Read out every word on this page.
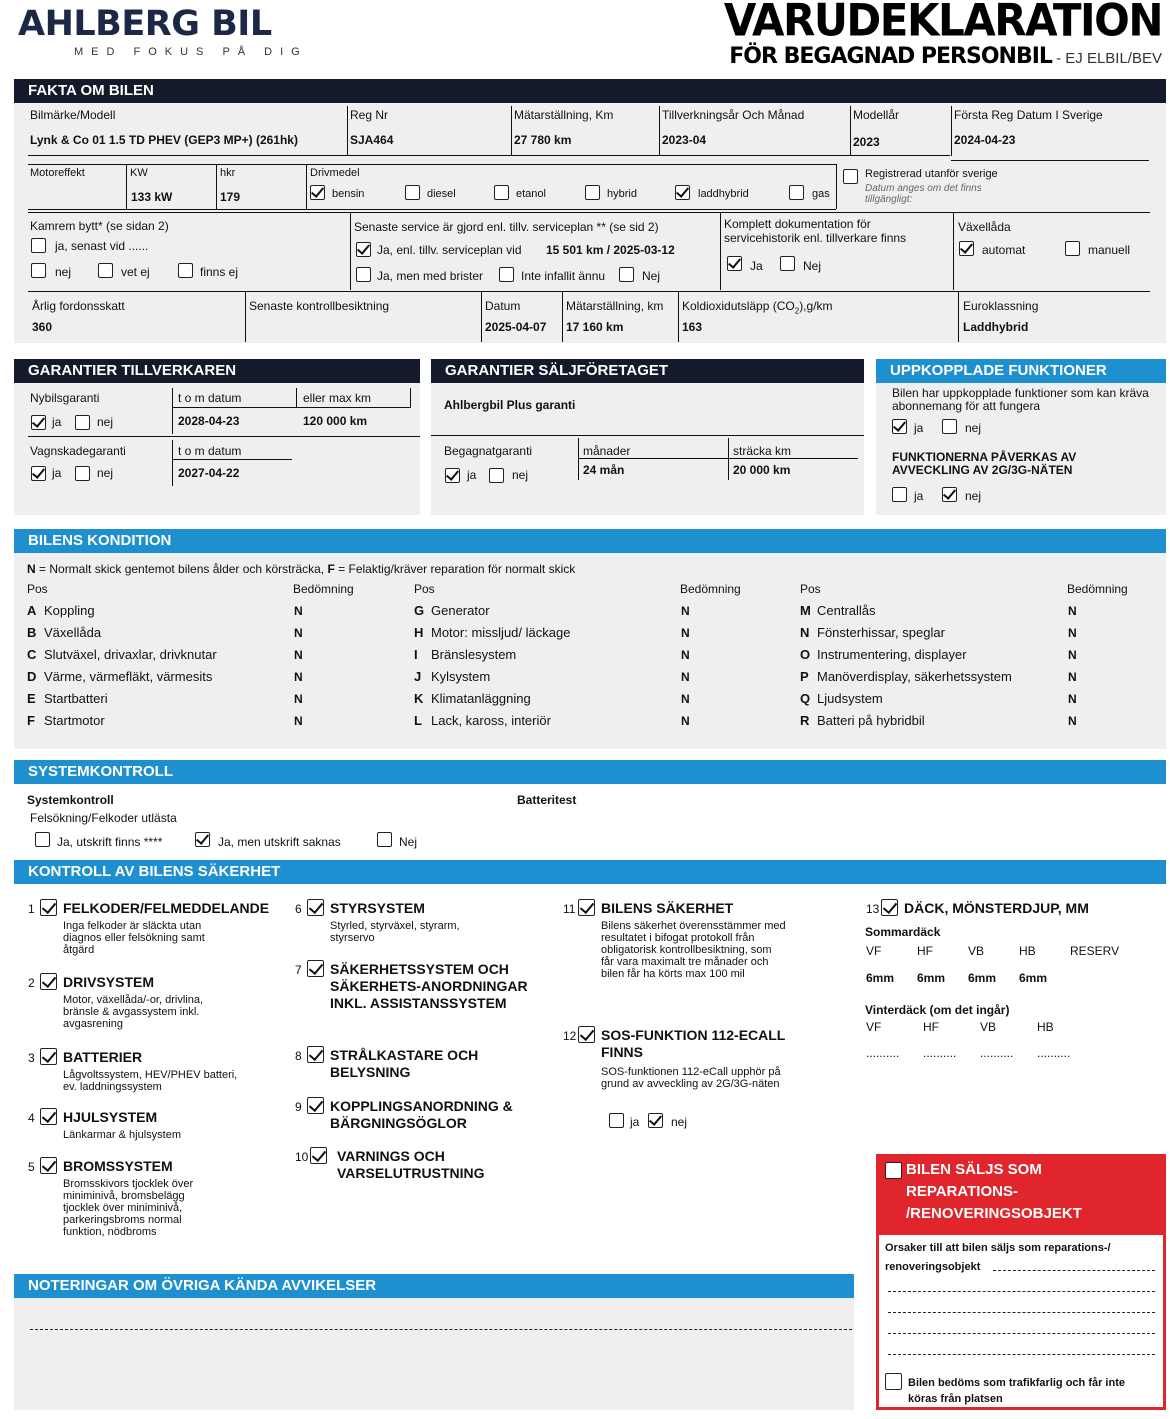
AHLBERG BIL
MED FOKUS PÅ DIG
VARUDEKLARATION
FÖR BEGAGNAD PERSONBIL - EJ ELBIL/BEV
FAKTA OM BILEN
Bilmärke/Modell
Lynk & Co 01 1.5 TD PHEV (GEP3 MP+) (261hk)
Reg Nr
SJA464
Mätarställning, Km
27 780 km
Tillverkningsår Och Månad
2023-04
Modellår
2023
Första Reg Datum I Sverige
2024-04-23
Motoreffekt	KW
133 kW
hkr
179
Drivmedel
bensin	diesel	etanol	hybrid	laddhybrid	gas
Registrerad utanför sverige
Datum anges om det finns tillgängligt:
Kamrem bytt* (se sidan 2)
ja, senast vid ......
nej	vet ej	finns ej
Senaste service är gjord enl. tillv. serviceplan ** (se sid 2)
Ja, enl. tillv. serviceplan vid 15 501 km / 2025-03-12
Ja, men med brister	Inte infallit ännu	Nej
Komplett dokumentation för servicehistorik enl. tillverkare finns
Ja	Nej
Växellåda
automat	manuell
Årlig fordonsskatt
360
Senaste kontrollbesiktning	Datum
2025-04-07
Mätarställning, km
17 160 km
Koldioxidutsläpp $(CO_2),g/km$
163
Euroklassning
Laddhybrid
GARANTIER TILLVERKAREN
Nybilsgaranti
ja	nej
t o m datum
2028-04-23
eller max km
120 000 km
Vagnskadegaranti
ja	nej
t o m datum
2027-04-22
GARANTIER SÄLJFÖRETAGET
Ahlbergbil Plus garanti
Begagnatgaranti
ja	nej
månader
24 mån
sträcka km
20 000 km
UPPKOPPLADE FUNKTIONER
Bilen har uppkopplade funktioner som kan kräva abonnemang för att fungera
ja	nej
FUNKTIONERNA PÅVERKAS AV AVVECKLING AV 2G/3G-NÄTEN
ja	nej
BILENS KONDITION
N = Normalt skick gentemot bilens ålder och körsträcka, F = Felaktig/kräver reparation för normalt skick
Pos	Bedömning	Pos	Bedömning	Pos	Bedömning
A Koppling	N
B Växellåda	N
C Slutväxel, drivaxlar, drivknutar	N
D Värme, värmefläkt, värmesits	N
E Startbatteri	N
F Startmotor	N
G Generator	N
H Motor: missljud/ läckage	N
I Bränslesystem	N
J Kylsystem	N
K Klimatanläggning	N
L Lack, kaross, interiör	N
M Centrallås	N
N Fönsterhissar, speglar	N
O Instrumentering, displayer	N
P Manöverdisplay, säkerhetssystem	N
Q Ljudsystem	N
R Batteri på hybridbil	N
SYSTEMKONTROLL
Systemkontroll
Felsökning/Felkoder utlästa
Batteritest
Ja, utskrift finns ****	Ja, men utskrift saknas	Nej
KONTROLL AV BILENS SÄKERHET
1 FELKODER/FELMEDDELANDE
Inga felkoder är släckta utan diagnos eller felsökning samt åtgärd
2 DRIVSYSTEM
Motor, växellåda/-or, drivlina, bränsle & avgassystem inkl. avgasrening
3 BATTERIER
Lågvoltssystem, HEV/PHEV batteri, ev. laddningssystem
4 HJULSYSTEM
Länkarmar & hjulsystem
5 BROMSSYSTEM
Bromsskivors tjocklek över miniminivå, bromsbelägg tjocklek över miniminivå, parkeringsbroms normal funktion, nödbroms
6 STYRSYSTEM
Styrled, styrväxel, styrarm, styrservo
7 SÄKERHETSSYSTEM OCH SÄKERHETS-ANORDNINGAR INKL. ASSISTANSSYSTEM
8 STRÅLKASTARE OCH BELYSNING
9 KOPPLINGSANORDNING & BÄRGNINGSÖGLOR
10	VARNINGS OCH VARSELUTRUSTNING
11	BILENS SÄKERHET
Bilens säkerhet överensstämmer med resultatet i bifogat protokoll från obligatorisk kontrollbesiktning, som får vara maximalt tre månader och bilen får ha körts max 100 mil
12	SOS-FUNKTION 112-ECALL FINNS
SOS-funktionen 112-eCall upphör på grund av avveckling av 2G/3G-näten
13	DÄCK, MÖNSTERDJUP, MM
ja	nej
Sommardäck
VF	HF	VB	HB	RESERV
6mm 6mm 6mm 6mm
Vinterdäck (om det ingår)
VF	HF	VB	HB
.......... .......... .......... ..........
BILEN SÄLJS SOM REPARATIONS- /RENOVERINGSOBJEKT
Orsaker till att bilen säljs som reparations-/ renoveringsobjekt
Bilen bedöms som trafikfarlig och får inte köras från platsen
NOTERINGAR OM ÖVRIGA KÄNDA AVVIKELSER
